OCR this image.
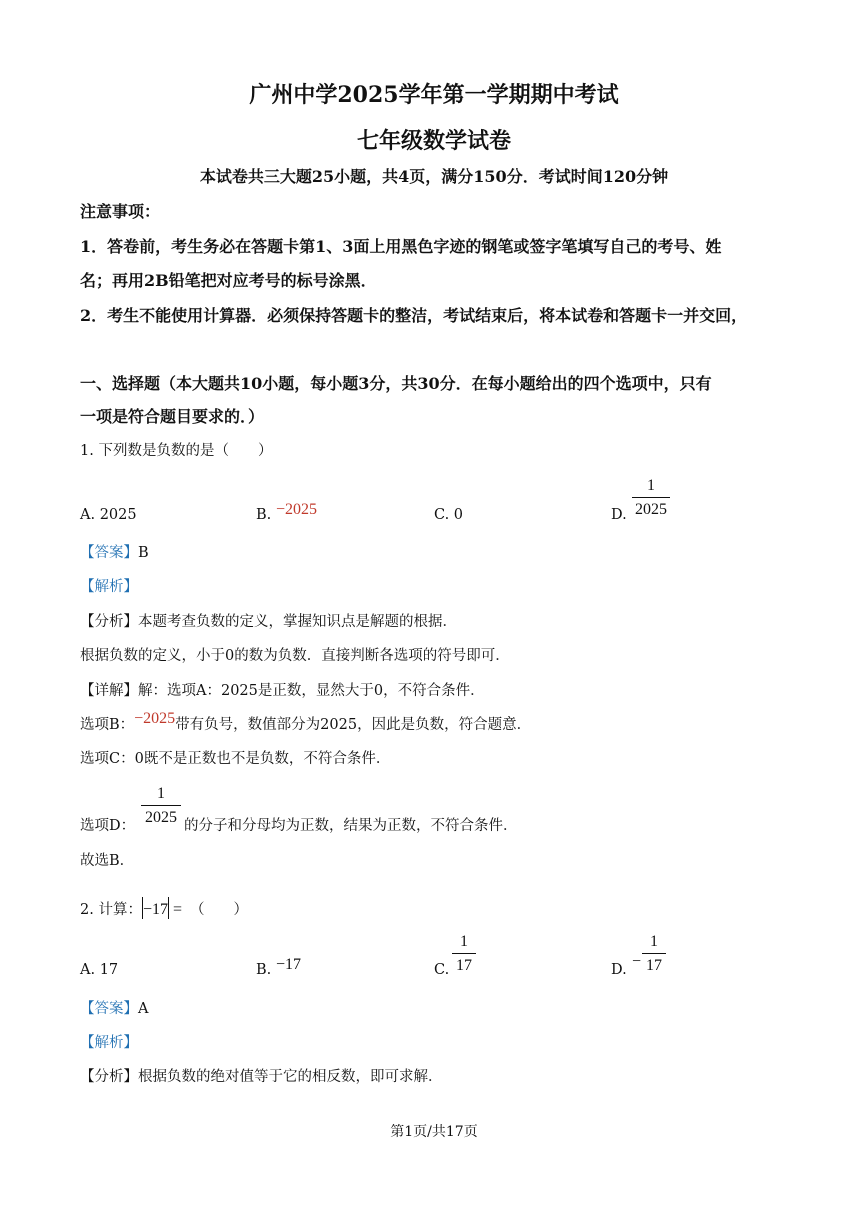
广州中学2025学年第一学期期中考试
七年级数学试卷
本试卷共三大题25小题，共4页，满分150分．考试时间120分钟
注意事项：
1．答卷前，考生务必在答题卡第1、3面上用黑色字迹的钢笔或签字笔填写自己的考号、姓
名；再用2B铅笔把对应考号的标号涂黑．
2．考生不能使用计算器．必须保持答题卡的整洁，考试结束后，将本试卷和答题卡一并交回，
一、选择题（本大题共10小题，每小题3分，共30分．在每小题给出的四个选项中，只有
一项是符合题目要求的．）
1. 下列数是负数的是（　　）
A. 2025	B. −2025	C. 0	D.
1
2025
【答案】B
【解析】
【分析】本题考查负数的定义，掌握知识点是解题的根据．
根据负数的定义，小于0的数为负数．直接判断各选项的符号即可．
【详解】解：选项A：2025是正数，显然大于0，不符合条件．
选项B：−2025带有负号，数值部分为2025，因此是负数，符合题意．
选项C：0既不是正数也不是负数，不符合条件．
选项D：
1
2025 的分子和分母均为正数，结果为正数，不符合条件．
故选B．
2. 计算：−17 = （　　）
A. 17	B. −17	C.
1
17	D. −
1
17
【答案】A
【解析】
【分析】根据负数的绝对值等于它的相反数，即可求解．
第1页/共17页
